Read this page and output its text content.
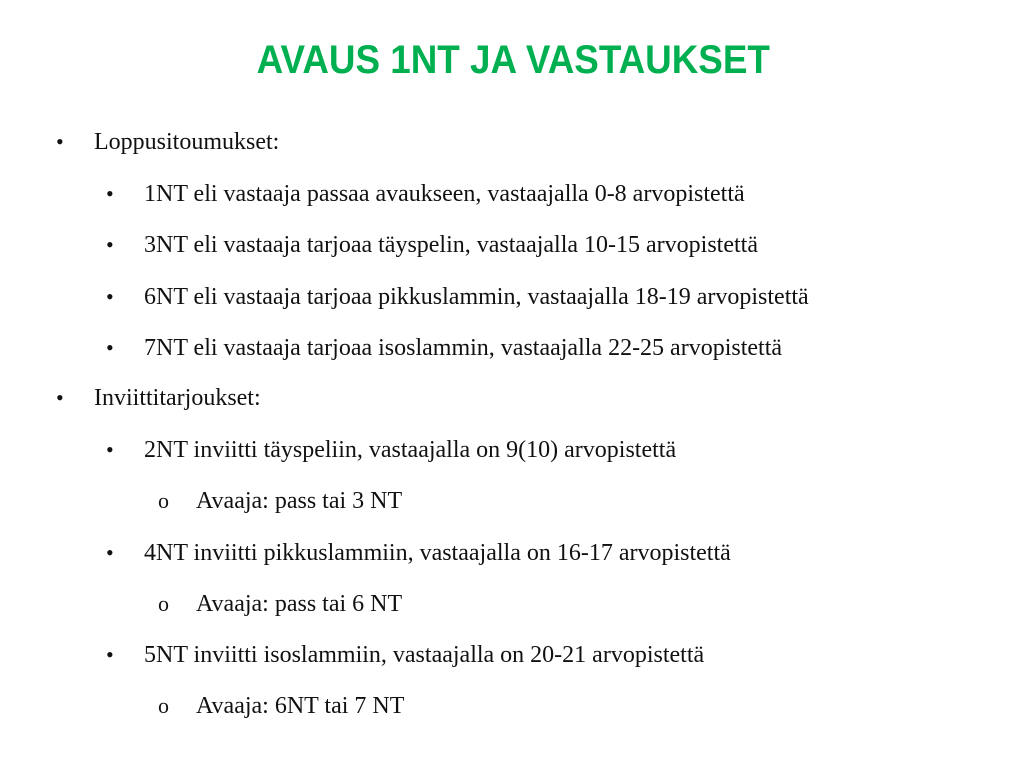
AVAUS 1NT JA VASTAUKSET
• Loppusitoumukset:
• 1NT eli vastaaja passaa avaukseen, vastaajalla 0-8 arvopistettä
• 3NT eli vastaaja tarjoaa täyspelin, vastaajalla 10-15 arvopistettä
• 6NT eli vastaaja tarjoaa pikkuslammin, vastaajalla 18-19 arvopistettä
• 7NT eli vastaaja tarjoaa isoslammin, vastaajalla 22-25 arvopistettä
• Inviittitarjoukset:
• 2NT inviitti täyspeliin, vastaajalla on 9(10) arvopistettä
o Avaaja: pass tai 3 NT
• 4NT inviitti pikkuslammiin, vastaajalla on 16-17 arvopistettä
o Avaaja: pass tai 6 NT
• 5NT inviitti isoslammiin, vastaajalla on 20-21 arvopistettä
o Avaaja: 6NT tai 7 NT
